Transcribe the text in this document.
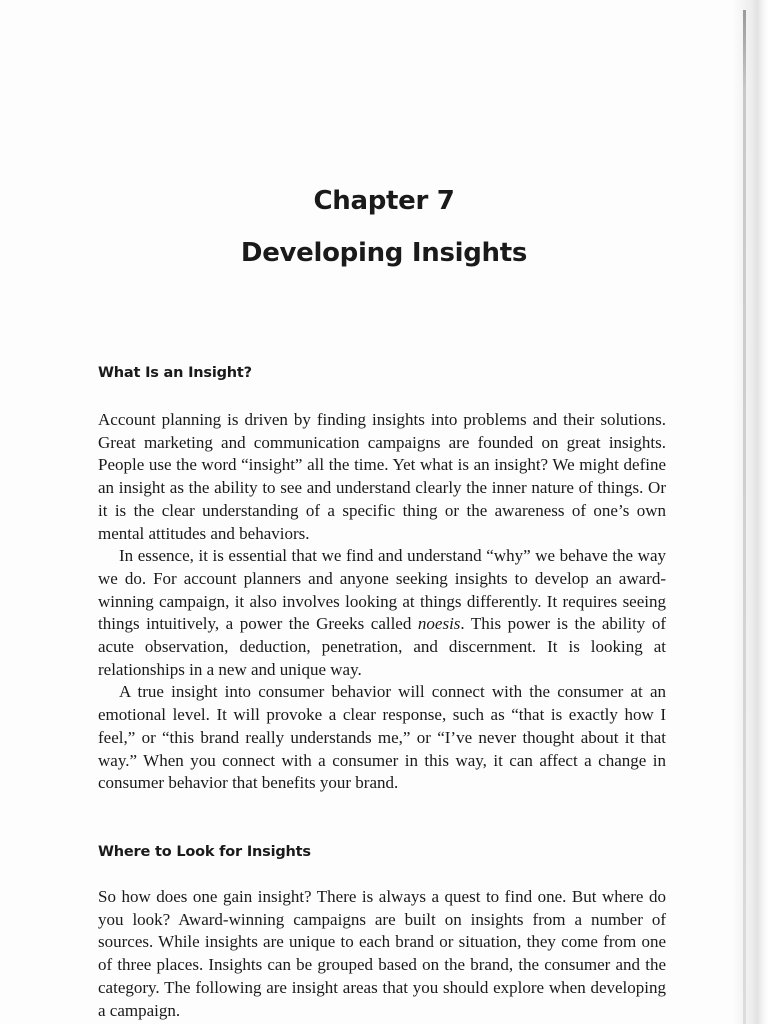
Chapter 7
Developing Insights
What Is an Insight?

Account planning is driven by finding insights into problems and their solutions. Great marketing and communication campaigns are founded on great insights. People use the word “insight” all the time. Yet what is an insight? We might define an insight as the ability to see and understand clearly the inner nature of things. Or it is the clear understanding of a specific thing or the awareness of one’s own mental attitudes and behaviors.

In essence, it is essential that we find and understand “why” we behave the way we do. For account planners and anyone seeking insights to develop an award-winning campaign, it also involves looking at things differently. It requires seeing things intuitively, a power the Greeks called noesis. This power is the ability of acute observation, deduction, penetration, and discernment. It is looking at relationships in a new and unique way.

A true insight into consumer behavior will connect with the consumer at an emotional level. It will provoke a clear response, such as “that is exactly how I feel,” or “this brand really understands me,” or “I’ve never thought about it that way.” When you connect with a consumer in this way, it can affect a change in consumer behavior that benefits your brand.

Where to Look for Insights

So how does one gain insight? There is always a quest to find one. But where do you look? Award-winning campaigns are built on insights from a number of sources. While insights are unique to each brand or situation, they come from one of three places. Insights can be grouped based on the brand, the consumer and the category. The following are insight areas that you should explore when developing a campaign.
